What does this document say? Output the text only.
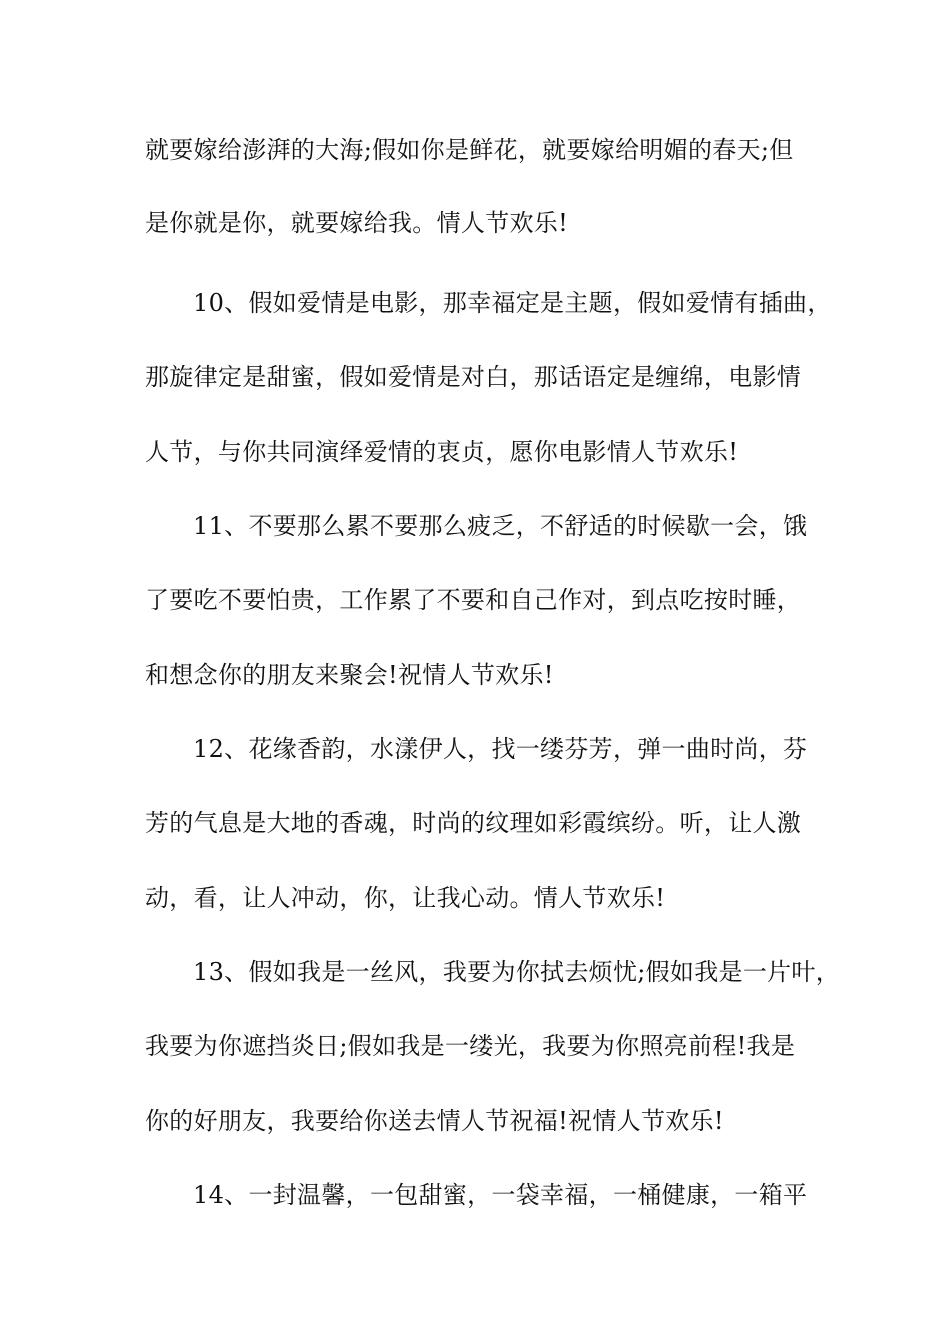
就要嫁给澎湃的大海;假如你是鲜花，就要嫁给明媚的春天;但
是你就是你，就要嫁给我。情人节欢乐!
10、假如爱情是电影，那幸福定是主题，假如爱情有插曲，
那旋律定是甜蜜，假如爱情是对白，那话语定是缠绵，电影情
人节，与你共同演绎爱情的衷贞，愿你电影情人节欢乐!
11、不要那么累不要那么疲乏，不舒适的时候歇一会，饿
了要吃不要怕贵，工作累了不要和自己作对，到点吃按时睡，
和想念你的朋友来聚会!祝情人节欢乐!
12、花缘香韵，水漾伊人，找一缕芬芳，弹一曲时尚，芬
芳的气息是大地的香魂，时尚的纹理如彩霞缤纷。听，让人激
动，看，让人冲动，你，让我心动。情人节欢乐!
13、假如我是一丝风，我要为你拭去烦忧;假如我是一片叶，
我要为你遮挡炎日;假如我是一缕光，我要为你照亮前程!我是
你的好朋友，我要给你送去情人节祝福!祝情人节欢乐!
14、一封温馨，一包甜蜜，一袋幸福，一桶健康，一箱平
